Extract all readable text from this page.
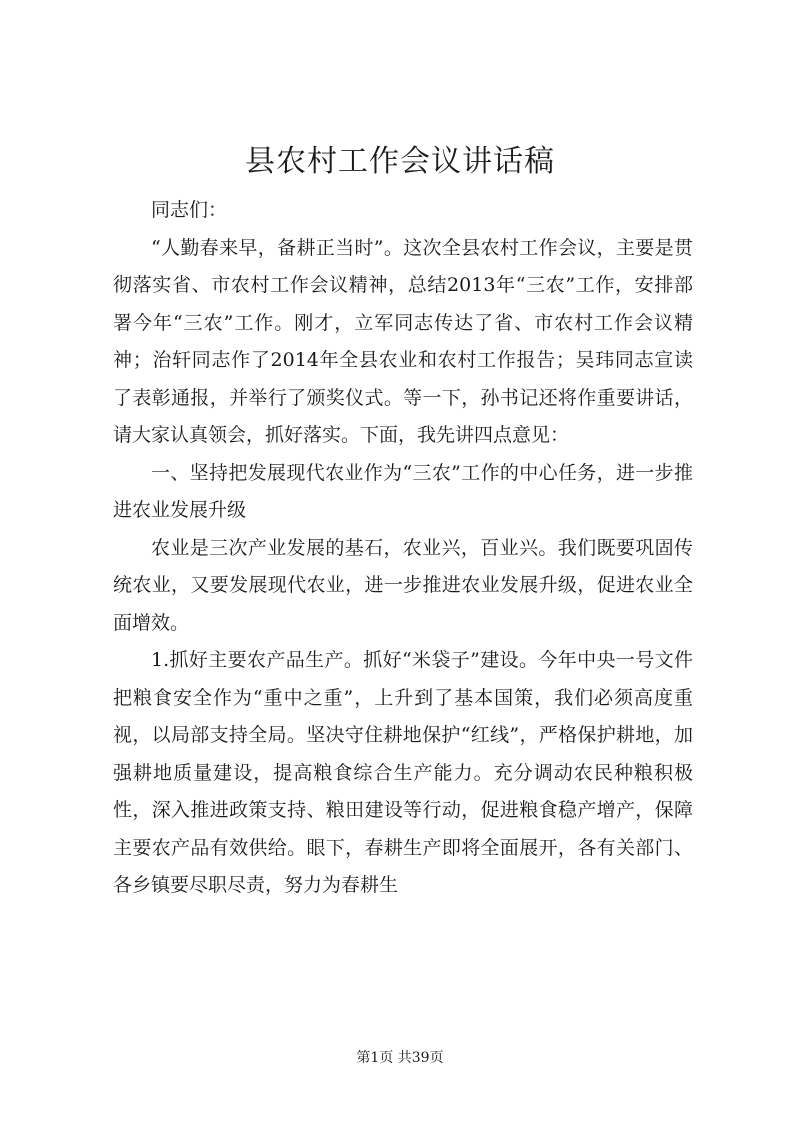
县农村工作会议讲话稿

同志们：

“人勤春来早，备耕正当时”。这次全县农村工作会议，主要是贯彻落实省、市农村工作会议精神，总结2013年“三农”工作，安排部署今年“三农”工作。刚才，立军同志传达了省、市农村工作会议精神；治轩同志作了2014年全县农业和农村工作报告；吴玮同志宣读了表彰通报，并举行了颁奖仪式。等一下，孙书记还将作重要讲话，请大家认真领会，抓好落实。下面，我先讲四点意见：

一、坚持把发展现代农业作为“三农”工作的中心任务，进一步推进农业发展升级

农业是三次产业发展的基石，农业兴，百业兴。我们既要巩固传统农业，又要发展现代农业，进一步推进农业发展升级，促进农业全面增效。

1.抓好主要农产品生产。抓好“米袋子”建设。今年中央一号文件把粮食安全作为“重中之重”，上升到了基本国策，我们必须高度重视，以局部支持全局。坚决守住耕地保护“红线”，严格保护耕地，加强耕地质量建设，提高粮食综合生产能力。充分调动农民种粮积极性，深入推进政策支持、粮田建设等行动，促进粮食稳产增产，保障主要农产品有效供给。眼下，春耕生产即将全面展开，各有关部门、各乡镇要尽职尽责，努力为春耕生

第1页 共39页
